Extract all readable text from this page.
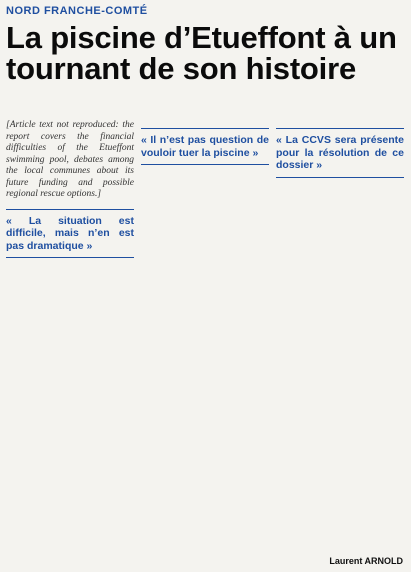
NORD FRANCHE-COMTÉ
La piscine d’Etueffont à un tournant de son histoire
[Article text not reproduced: the report covers the financial difficulties of the Etueffont swimming pool, debates among the local communes about its future funding and possible regional rescue options.]
« La situation est difficile, mais n’en est pas dramatique »
« Il n’est pas question de vouloir tuer la piscine »
« La CCVS sera présente pour la résolution de ce dossier »
Laurent ARNOLD
